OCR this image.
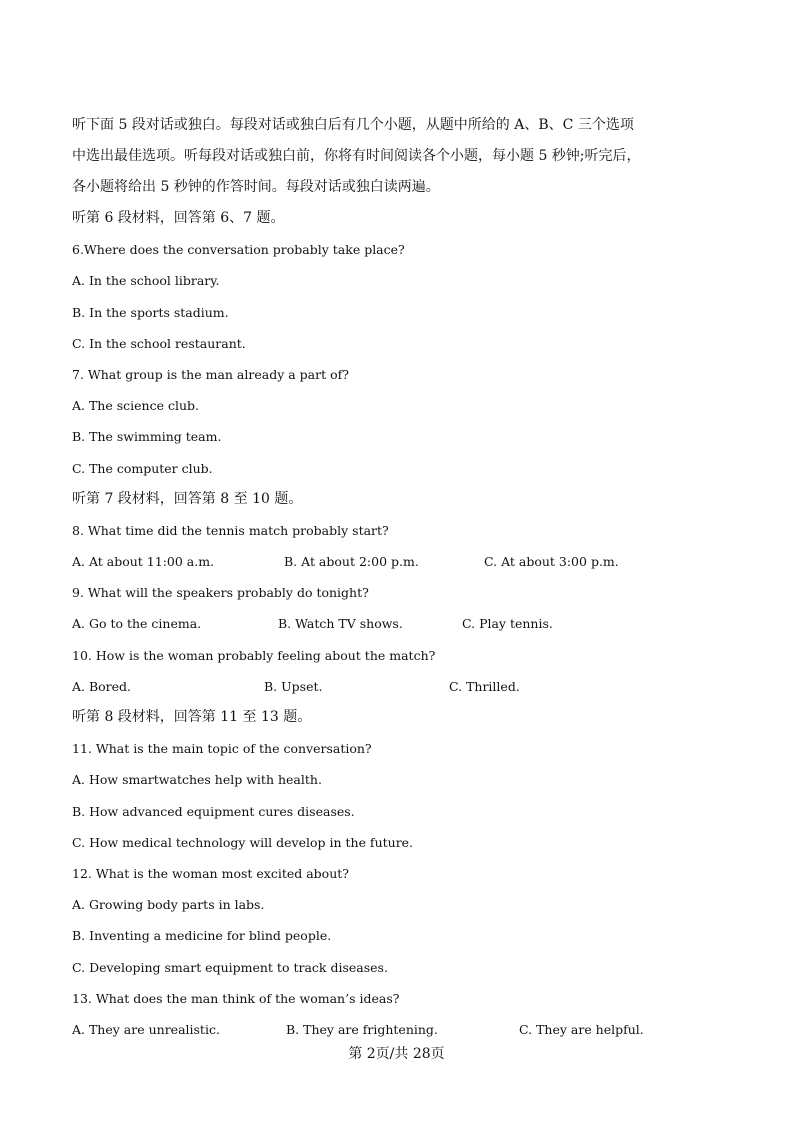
听下面 5 段对话或独白。每段对话或独白后有几个小题，从题中所给的 A、B、C 三个选项
中选出最佳选项。听每段对话或独白前，你将有时间阅读各个小题，每小题 5 秒钟;听完后，
各小题将给出 5 秒钟的作答时间。每段对话或独白读两遍。
听第 6 段材料，回答第 6、7 题。
6.Where does the conversation probably take place?
A. In the school library.
B. In the sports stadium.
C. In the school restaurant.
7. What group is the man already a part of?
A. The science club.
B. The swimming team.
C. The computer club.
听第 7 段材料，回答第 8 至 10 题。
8. What time did the tennis match probably start?
A. At about 11:00 a.m.	B. At about 2:00 p.m.	C. At about 3:00 p.m.
9. What will the speakers probably do tonight?
A. Go to the cinema.	B. Watch TV shows.	C. Play tennis.
10. How is the woman probably feeling about the match?
A. Bored.	B. Upset.	C. Thrilled.
听第 8 段材料，回答第 11 至 13 题。
11. What is the main topic of the conversation?
A. How smartwatches help with health.
B. How advanced equipment cures diseases.
C. How medical technology will develop in the future.
12. What is the woman most excited about?
A. Growing body parts in labs.
B. Inventing a medicine for blind people.
C. Developing smart equipment to track diseases.
13. What does the man think of the woman’s ideas?
A. They are unrealistic.	B. They are frightening.	C. They are helpful.
第 2页/共 28页
